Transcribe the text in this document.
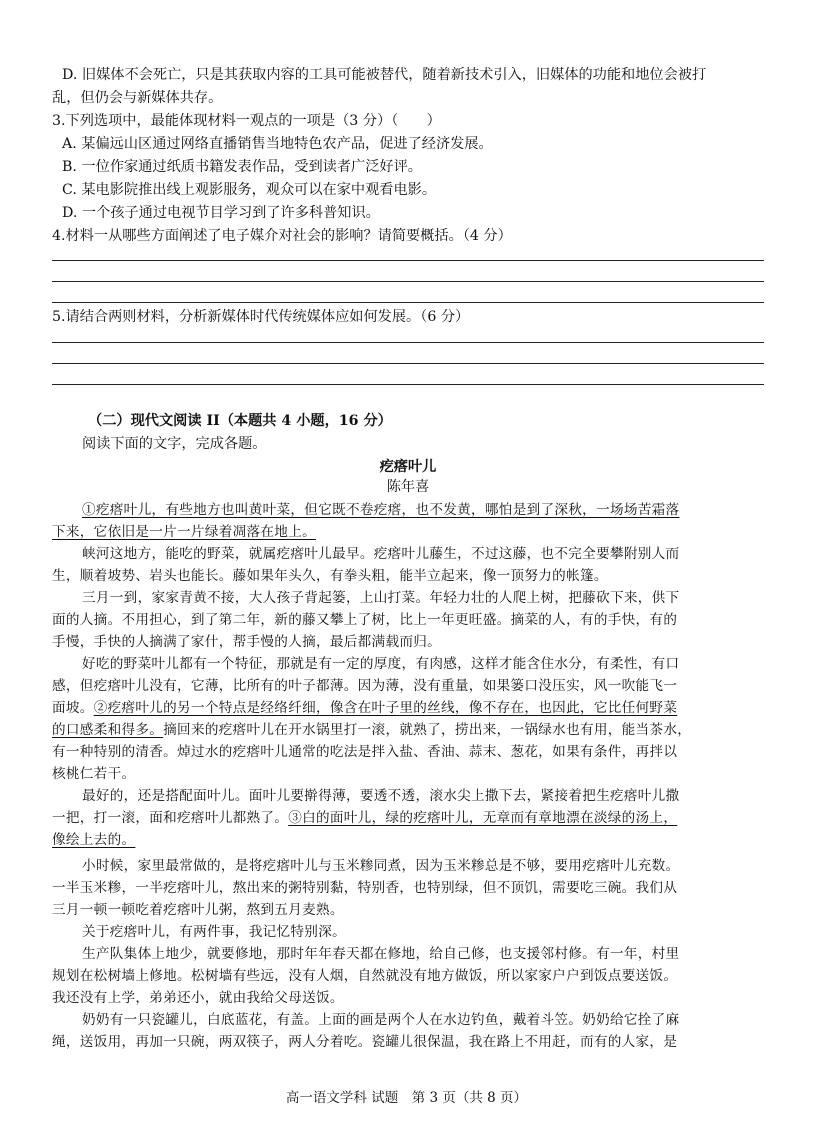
D. 旧媒体不会死亡，只是其获取内容的工具可能被替代，随着新技术引入，旧媒体的功能和地位会被打
乱，但仍会与新媒体共存。
3.下列选项中，最能体现材料一观点的一项是（3 分）（　　）
A. 某偏远山区通过网络直播销售当地特色农产品，促进了经济发展。
B. 一位作家通过纸质书籍发表作品，受到读者广泛好评。
C. 某电影院推出线上观影服务，观众可以在家中观看电影。
D. 一个孩子通过电视节目学习到了许多科普知识。
4.材料一从哪些方面阐述了电子媒介对社会的影响？请简要概括。（4 分）
5.请结合两则材料，分析新媒体时代传统媒体应如何发展。（6 分）
（二）现代文阅读 II（本题共 4 小题，16 分）
阅读下面的文字，完成各题。
疙瘩叶儿
陈年喜
①疙瘩叶儿，有些地方也叫黄叶菜，但它既不卷疙瘩，也不发黄，哪怕是到了深秋，一场场苦霜落
下来，它依旧是一片一片绿着凋落在地上。
峡河这地方，能吃的野菜，就属疙瘩叶儿最早。疙瘩叶儿藤生，不过这藤，也不完全要攀附别人而
生，顺着坡势、岩头也能长。藤如果年头久，有拳头粗，能半立起来，像一顶努力的帐篷。
三月一到，家家青黄不接，大人孩子背起篓，上山打菜。年轻力壮的人爬上树，把藤砍下来，供下
面的人摘。不用担心，到了第二年，新的藤又攀上了树，比上一年更旺盛。摘菜的人，有的手快，有的
手慢，手快的人摘满了家什，帮手慢的人摘，最后都满载而归。
好吃的野菜叶儿都有一个特征，那就是有一定的厚度，有肉感，这样才能含住水分，有柔性，有口
感，但疙瘩叶儿没有，它薄，比所有的叶子都薄。因为薄，没有重量，如果篓口没压实，风一吹能飞一
面坡。②疙瘩叶儿的另一个特点是经络纤细，像含在叶子里的丝线，像不存在，也因此，它比任何野菜
的口感柔和得多。摘回来的疙瘩叶儿在开水锅里打一滚，就熟了，捞出来，一锅绿水也有用，能当茶水，
有一种特别的清香。焯过水的疙瘩叶儿通常的吃法是拌入盐、香油、蒜末、葱花，如果有条件，再拌以
核桃仁若干。
最好的，还是搭配面叶儿。面叶儿要擀得薄，要透不透，滚水尖上撒下去，紧接着把生疙瘩叶儿撒
一把，打一滚，面和疙瘩叶儿都熟了。③白的面叶儿，绿的疙瘩叶儿，无章而有章地漂在淡绿的汤上，
像绘上去的。
小时候，家里最常做的，是将疙瘩叶儿与玉米糁同煮，因为玉米糁总是不够，要用疙瘩叶儿充数。
一半玉米糁，一半疙瘩叶儿，熬出来的粥特别黏，特别香，也特别绿，但不顶饥，需要吃三碗。我们从
三月一顿一顿吃着疙瘩叶儿粥，熬到五月麦熟。
关于疙瘩叶儿，有两件事，我记忆特别深。
生产队集体上地少，就要修地，那时年年春天都在修地，给自己修，也支援邻村修。有一年，村里
规划在松树墙上修地。松树墙有些远，没有人烟，自然就没有地方做饭，所以家家户户到饭点要送饭。
我还没有上学，弟弟还小，就由我给父母送饭。
奶奶有一只瓷罐儿，白底蓝花，有盖。上面的画是两个人在水边钓鱼，戴着斗笠。奶奶给它拴了麻
绳，送饭用，再加一只碗，两双筷子，两人分着吃。瓷罐儿很保温，我在路上不用赶，而有的人家，是
高一语文学科 试题　第 3 页（共 8 页）
